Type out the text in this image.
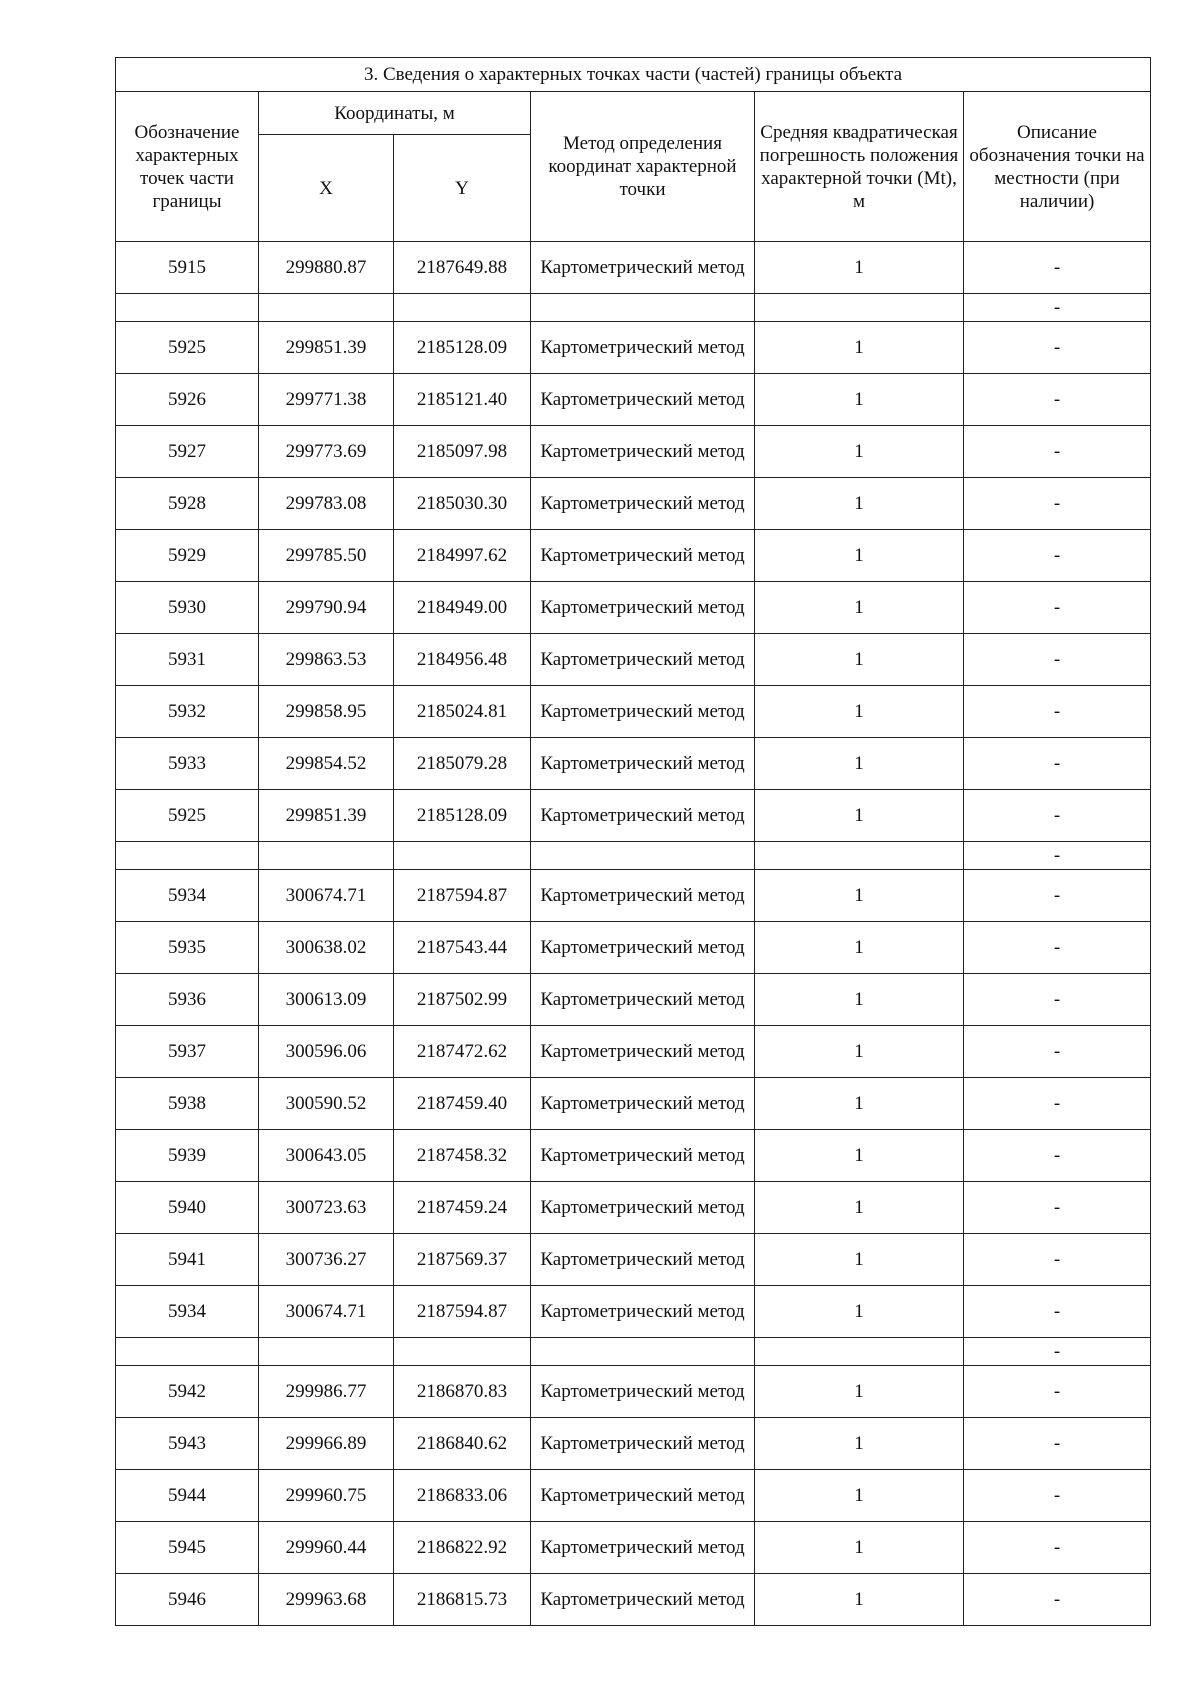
3. Сведения о характерных точках части (частей) границы объекта					
Обозначение характерных точек части границы	Координаты, м		Метод определения координат характерной точки	Средняя квадратическая погрешность положения характерной точки (Mt), м	Описание обозначения точки на местности (при наличии)
	X	Y			
5915	299880.87	2187649.88	Картометрический метод	1	-
					-
5925	299851.39	2185128.09	Картометрический метод	1	-
5926	299771.38	2185121.40	Картометрический метод	1	-
5927	299773.69	2185097.98	Картометрический метод	1	-
5928	299783.08	2185030.30	Картометрический метод	1	-
5929	299785.50	2184997.62	Картометрический метод	1	-
5930	299790.94	2184949.00	Картометрический метод	1	-
5931	299863.53	2184956.48	Картометрический метод	1	-
5932	299858.95	2185024.81	Картометрический метод	1	-
5933	299854.52	2185079.28	Картометрический метод	1	-
5925	299851.39	2185128.09	Картометрический метод	1	-
					-
5934	300674.71	2187594.87	Картометрический метод	1	-
5935	300638.02	2187543.44	Картометрический метод	1	-
5936	300613.09	2187502.99	Картометрический метод	1	-
5937	300596.06	2187472.62	Картометрический метод	1	-
5938	300590.52	2187459.40	Картометрический метод	1	-
5939	300643.05	2187458.32	Картометрический метод	1	-
5940	300723.63	2187459.24	Картометрический метод	1	-
5941	300736.27	2187569.37	Картометрический метод	1	-
5934	300674.71	2187594.87	Картометрический метод	1	-
					-
5942	299986.77	2186870.83	Картометрический метод	1	-
5943	299966.89	2186840.62	Картометрический метод	1	-
5944	299960.75	2186833.06	Картометрический метод	1	-
5945	299960.44	2186822.92	Картометрический метод	1	-
5946	299963.68	2186815.73	Картометрический метод	1	-
